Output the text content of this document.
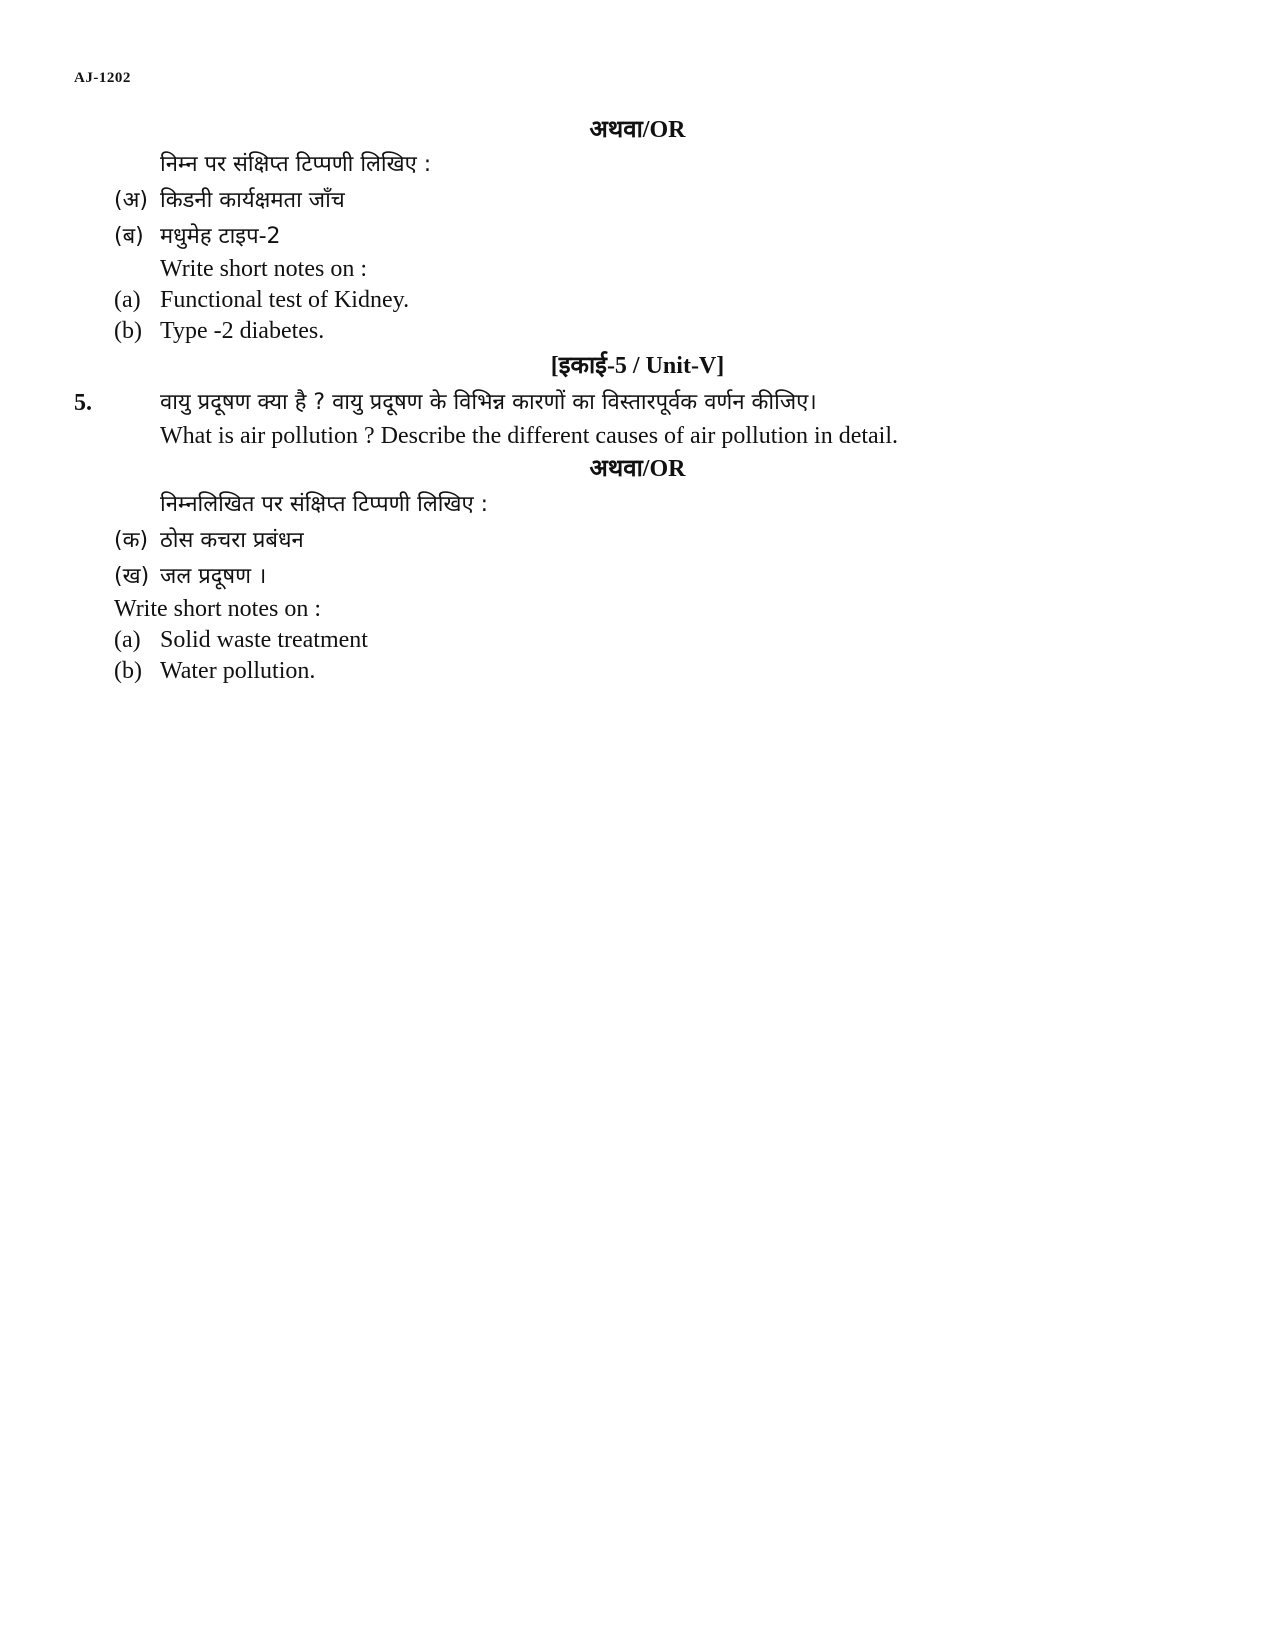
AJ-1202
अथवा/OR
निम्न पर संक्षिप्त टिप्पणी लिखिए :
(अ) किडनी कार्यक्षमता जाँच
(ब) मधुमेह टाइप-2
Write short notes on :
(a) Functional test of Kidney.
(b) Type -2 diabetes.
[इकाई-5 / Unit-V]
5.	वायु प्रदूषण क्या है ? वायु प्रदूषण के विभिन्न कारणों का विस्तारपूर्वक वर्णन कीजिए।
What is air pollution ? Describe the different causes of air pollution in detail.
अथवा/OR
निम्नलिखित पर संक्षिप्त टिप्पणी लिखिए :
(क) ठोस कचरा प्रबंधन
(ख) जल प्रदूषण ।
Write short notes on :
(a) Solid waste treatment
(b) Water pollution.
